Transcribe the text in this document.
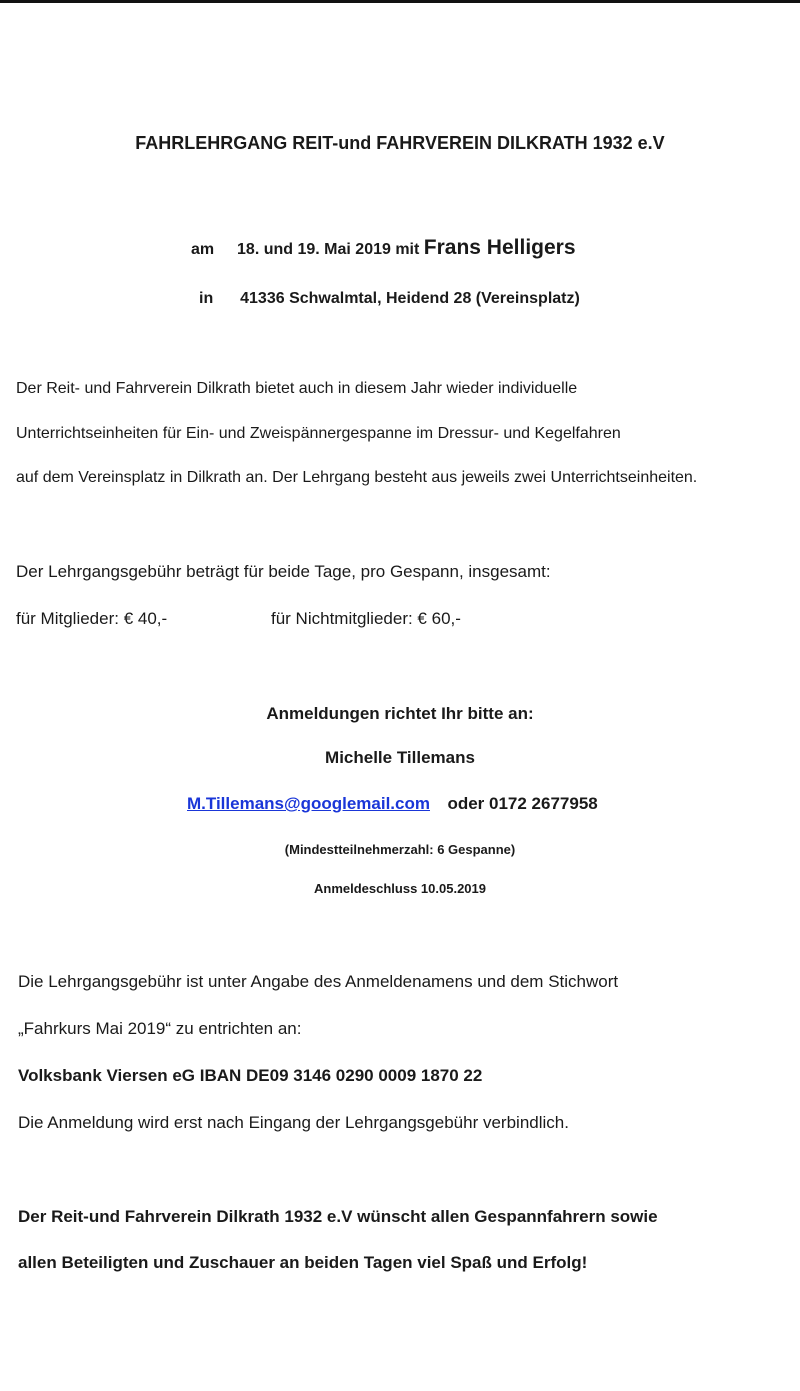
FAHRLEHRGANG REIT-und FAHRVEREIN DILKRATH 1932 e.V
am 18. und 19. Mai 2019 mit Frans Helligers
in 41336 Schwalmtal, Heidend 28 (Vereinsplatz)
Der Reit- und Fahrverein Dilkrath bietet auch in diesem Jahr wieder individuelle
Unterrichtseinheiten für Ein- und Zweispännergespanne im Dressur- und Kegelfahren
auf dem Vereinsplatz in Dilkrath an. Der Lehrgang besteht aus jeweils zwei Unterrichtseinheiten.
Der Lehrgangsgebühr beträgt für beide Tage, pro Gespann, insgesamt:
für Mitglieder: € 40,-	für Nichtmitglieder: € 60,-
Anmeldungen richtet Ihr bitte an:
Michelle Tillemans
M.Tillemans@googlemail.com oder 0172 2677958
(Mindestteilnehmerzahl: 6 Gespanne)
Anmeldeschluss 10.05.2019
Die Lehrgangsgebühr ist unter Angabe des Anmeldenamens und dem Stichwort
„Fahrkurs Mai 2019“ zu entrichten an:
Volksbank Viersen eG IBAN DE09 3146 0290 0009 1870 22
Die Anmeldung wird erst nach Eingang der Lehrgangsgebühr verbindlich.
Der Reit-und Fahrverein Dilkrath 1932 e.V wünscht allen Gespannfahrern sowie
allen Beteiligten und Zuschauer an beiden Tagen viel Spaß und Erfolg!
